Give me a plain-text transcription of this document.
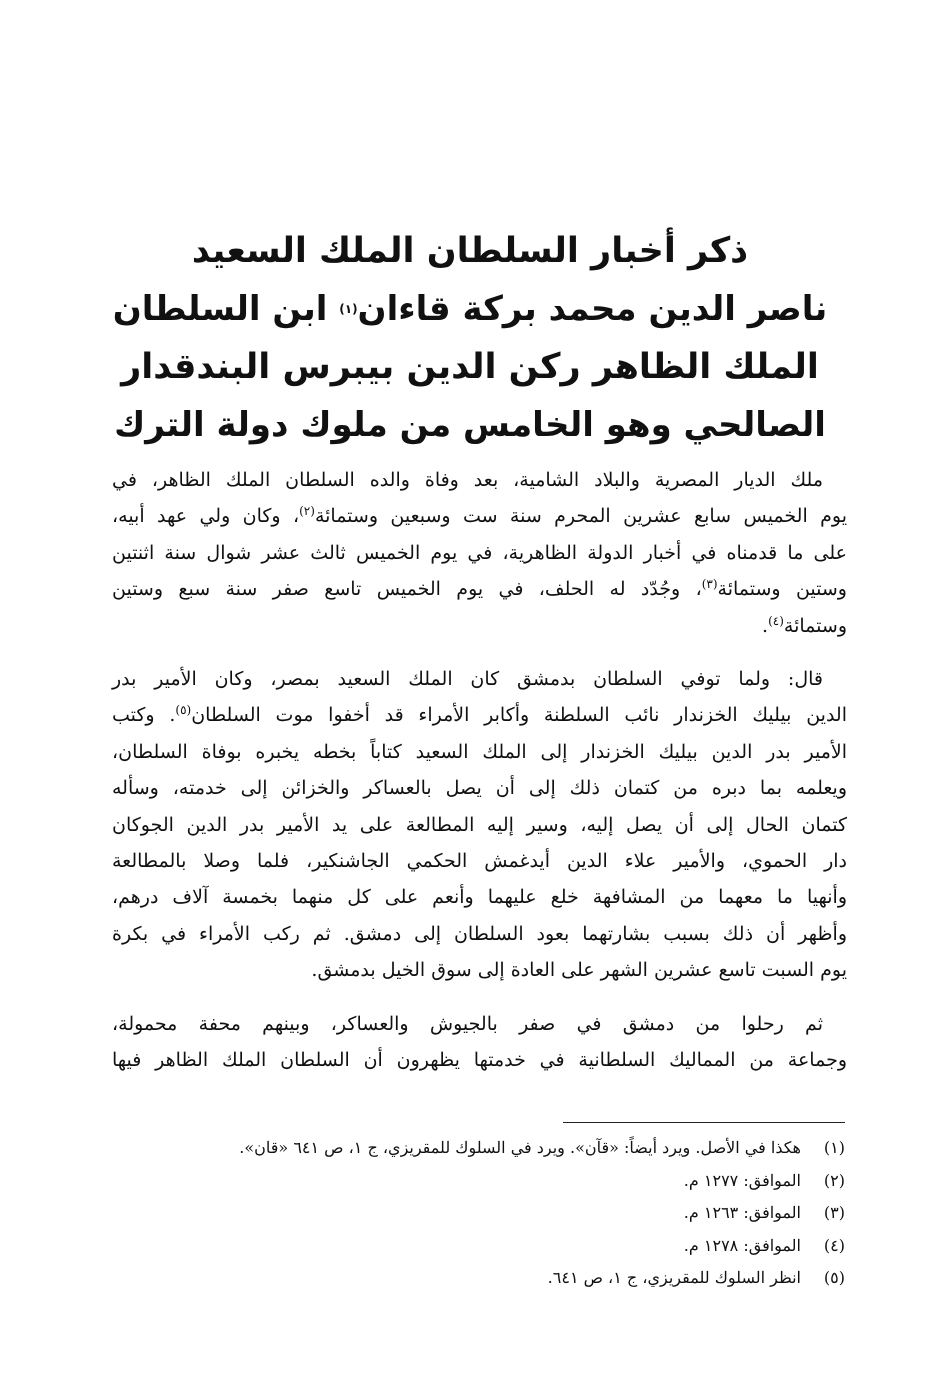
ذكر أخبار السلطان الملك السعيد
ناصر الدين محمد بركة قاءان$^{(١)}$ ابن السلطان
الملك الظاهر ركن الدين بيبرس البندقدار
الصالحي وهو الخامس من ملوك دولة الترك
ملك الديار المصرية والبلاد الشامية، بعد وفاة والده السلطان الملك الظاهر، في
يوم الخميس سابع عشرين المحرم سنة ست وسبعين وستمائة$^{(٢)}$، وكان ولي عهد أبيه،
على ما قدمناه في أخبار الدولة الظاهرية، في يوم الخميس ثالث عشر شوال سنة اثنتين
وستين وستمائة$^{(٣)}$، وجُدّد له الحلف، في يوم الخميس تاسع صفر سنة سبع وستين
وستمائة$^{(٤)}$.
قال: ولما توفي السلطان بدمشق كان الملك السعيد بمصر، وكان الأمير بدر
الدين بيليك الخزندار نائب السلطنة وأكابر الأمراء قد أخفوا موت السلطان$^{(٥)}$. وكتب
الأمير بدر الدين بيليك الخزندار إلى الملك السعيد كتاباً بخطه يخبره بوفاة السلطان،
ويعلمه بما دبره من كتمان ذلك إلى أن يصل بالعساكر والخزائن إلى خدمته، وسأله
كتمان الحال إلى أن يصل إليه، وسير إليه المطالعة على يد الأمير بدر الدين الجوكان
دار الحموي، والأمير علاء الدين أيدغمش الحكمي الجاشنكير، فلما وصلا بالمطالعة
وأنهيا ما معهما من المشافهة خلع عليهما وأنعم على كل منهما بخمسة آلاف درهم،
وأظهر أن ذلك بسبب بشارتهما بعود السلطان إلى دمشق. ثم ركب الأمراء في بكرة
يوم السبت تاسع عشرين الشهر على العادة إلى سوق الخيل بدمشق.
ثم رحلوا من دمشق في صفر بالجيوش والعساكر، وبينهم محفة محمولة،
وجماعة من المماليك السلطانية في خدمتها يظهرون أن السلطان الملك الظاهر فيها
(١)هكذا في الأصل. ويرد أيضاً: «قآن». ويرد في السلوك للمقريزي، ج ١، ص ٦٤١ «قان».
(٢)الموافق: ١٢٧٧ م.
(٣)الموافق: ١٢٦٣ م.
(٤)الموافق: ١٢٧٨ م.
(٥)انظر السلوك للمقريزي، ج ١، ص ٦٤١.
